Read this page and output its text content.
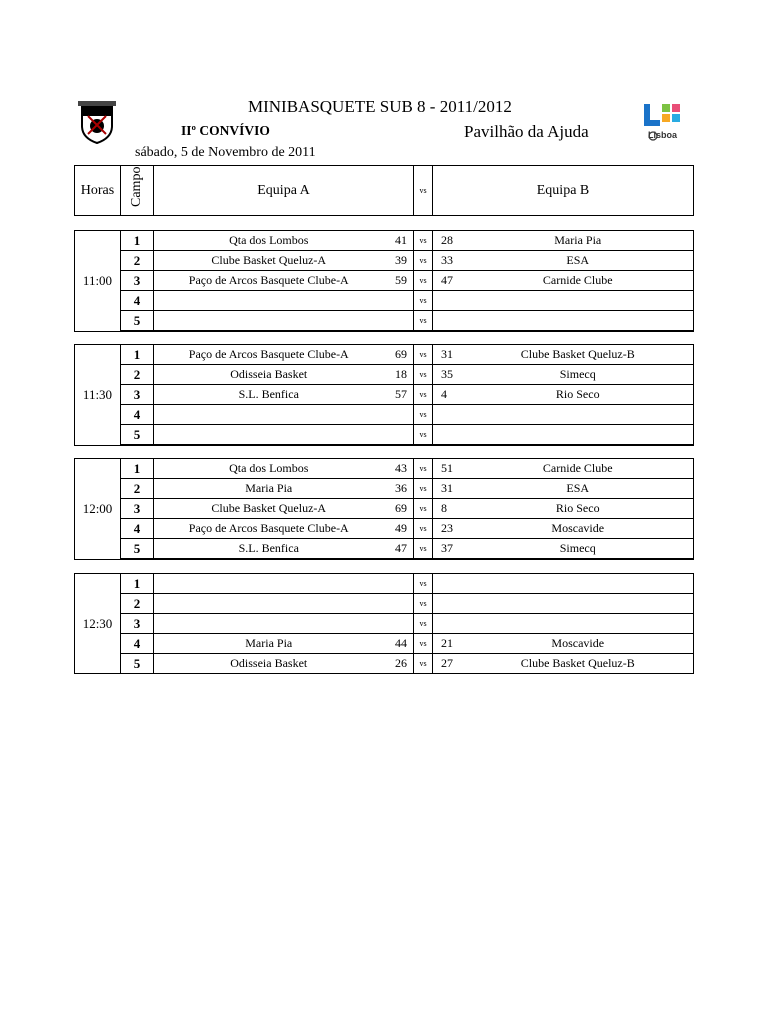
Lisboa
MINIBASQUETE SUB 8 - 2011/2012
IIº CONVÍVIO	Pavilhão da Ajuda
sábado, 5 de Novembro de 2011
Horas	Campo	Equipa A	vs	Equipa B
11:00	1	Qta dos Lombos	41	vs	28	Maria Pia
	2	Clube Basket Queluz-A	39	vs	33	ESA
	3	Paço de Arcos Basquete Clube-A	59	vs	47	Carnide Clube
	4			vs		
	5			vs		
11:30	1	Paço de Arcos Basquete Clube-A	69	vs	31	Clube Basket Queluz-B
	2	Odisseia Basket	18	vs	35	Simecq
	3	S.L. Benfica	57	vs	4	Rio Seco
	4			vs		
	5			vs		
12:00	1	Qta dos Lombos	43	vs	51	Carnide Clube
	2	Maria Pia	36	vs	31	ESA
	3	Clube Basket Queluz-A	69	vs	8	Rio Seco
	4	Paço de Arcos Basquete Clube-A	49	vs	23	Moscavide
	5	S.L. Benfica	47	vs	37	Simecq
12:30	1			vs		
	2			vs		
	3			vs		
	4	Maria Pia	44	vs	21	Moscavide
	5	Odisseia Basket	26	vs	27	Clube Basket Queluz-B
